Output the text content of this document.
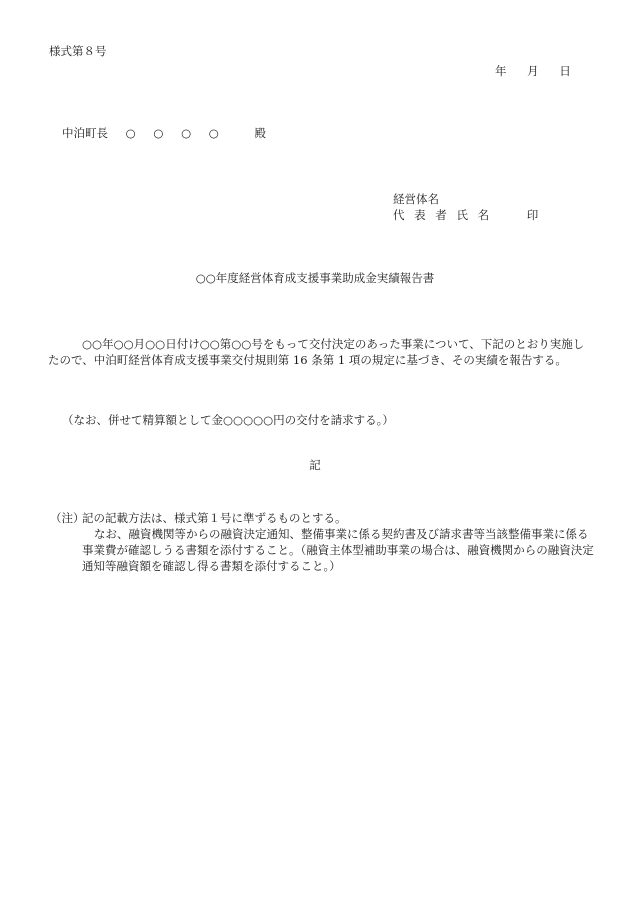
様式第８号
年 月 日
中泊町長 ○ ○ ○ ○	殿
経営体名
代 表 者 氏 名	印
○○年度経営体育成支援事業助成金実績報告書

○○年○○月○○日付け○○第○○号をもって交付決定のあった事業について、下記のとおり実施したので、中泊町経営体育成支援事業交付規則第 16 条第 1 項の規定に基づき、その実績を報告する。

（なお、併せて精算額として金○○○○○円の交付を請求する。）
記
（注）
記の記載方法は、様式第１号に準ずるものとする。
なお、融資機関等からの融資決定通知、整備事業に係る契約書及び請求書等当該整備事業に係る事業費が確認しうる書類を添付すること。（融資主体型補助事業の場合は、融資機関からの融資決定通知等融資額を確認し得る書類を添付すること。）
